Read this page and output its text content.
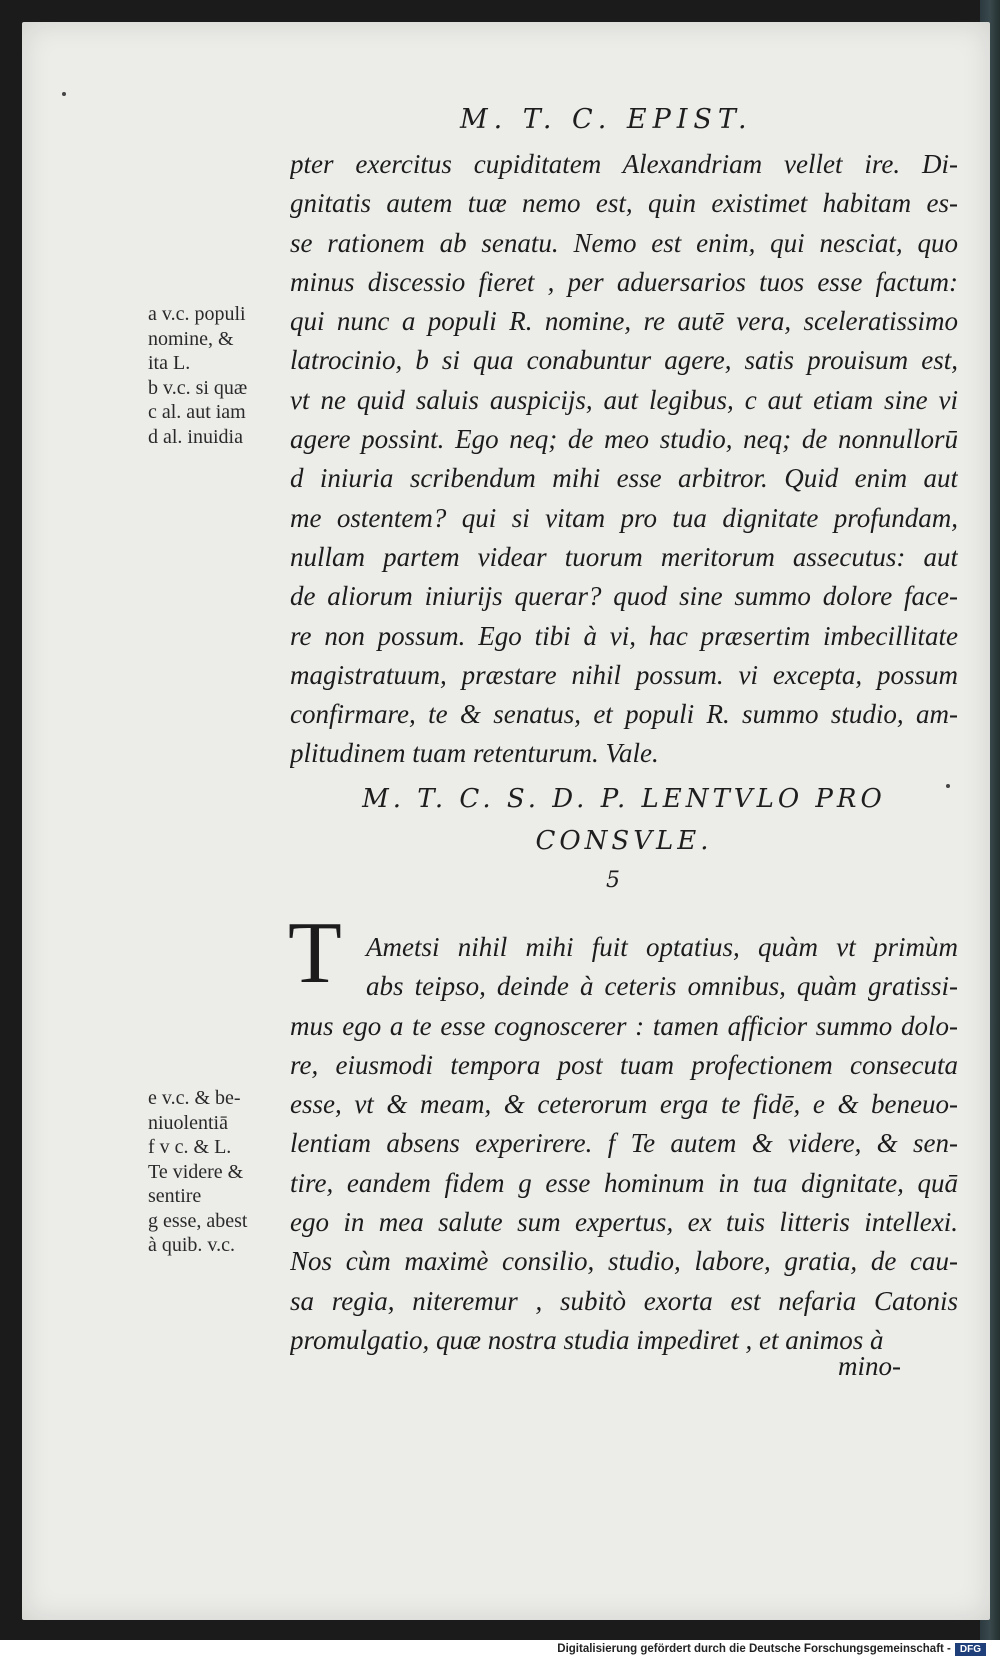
M. T. C. EPIST.
a v.c. populi
nomine, &
ita L.
b v.c. si quæ
c al. aut iam
d al. inuidia
e v.c. & be-
niuolentiā
f v c. & L.
Te videre &
sentire
g esse, abest
à quib. v.c.
pter exercitus cupiditatem Alexandriam vellet ire. Di-
gnitatis autem tuæ nemo est, quin existimet habitam es-
se rationem ab senatu. Nemo est enim, qui nesciat, quo
minus discessio fieret , per aduersarios tuos esse factum:
qui nunc a populi R. nomine, re autē vera, sceleratissimo
latrocinio, b si qua conabuntur agere, satis prouisum est,
vt ne quid saluis auspicijs, aut legibus, c aut etiam sine vi
agere possint. Ego neq; de meo studio, neq; de nonnullorū
d iniuria scribendum mihi esse arbitror. Quid enim aut
me ostentem? qui si vitam pro tua dignitate profundam,
nullam partem videar tuorum meritorum assecutus: aut
de aliorum iniurijs querar? quod sine summo dolore face-
re non possum. Ego tibi à vi, hac præsertim imbecillitate
magistratuum, præstare nihil possum. vi excepta, possum
confirmare, te & senatus, et populi R. summo studio, am-
plitudinem tuam retenturum. Vale.
M. T. C. S. D. P. LENTVLO PRO
CONSVLE.
5
T Ametsi nihil mihi fuit optatius, quàm vt primùm
abs teipso, deinde à ceteris omnibus, quàm gratissi-
mus ego a te esse cognoscerer : tamen afficior summo dolo-
re, eiusmodi tempora post tuam profectionem consecuta
esse, vt & meam, & ceterorum erga te fidē, e & beneuo-
lentiam absens experirere. f Te autem & videre, & sen-
tire, eandem fidem g esse hominum in tua dignitate, quā
ego in mea salute sum expertus, ex tuis litteris intellexi.
Nos cùm maximè consilio, studio, labore, gratia, de cau-
sa regia, niteremur , subitò exorta est nefaria Catonis
promulgatio, quæ nostra studia impediret , et animos à
mino-
Digitalisierung gefördert durch die Deutsche Forschungsgemeinschaft - DFG
